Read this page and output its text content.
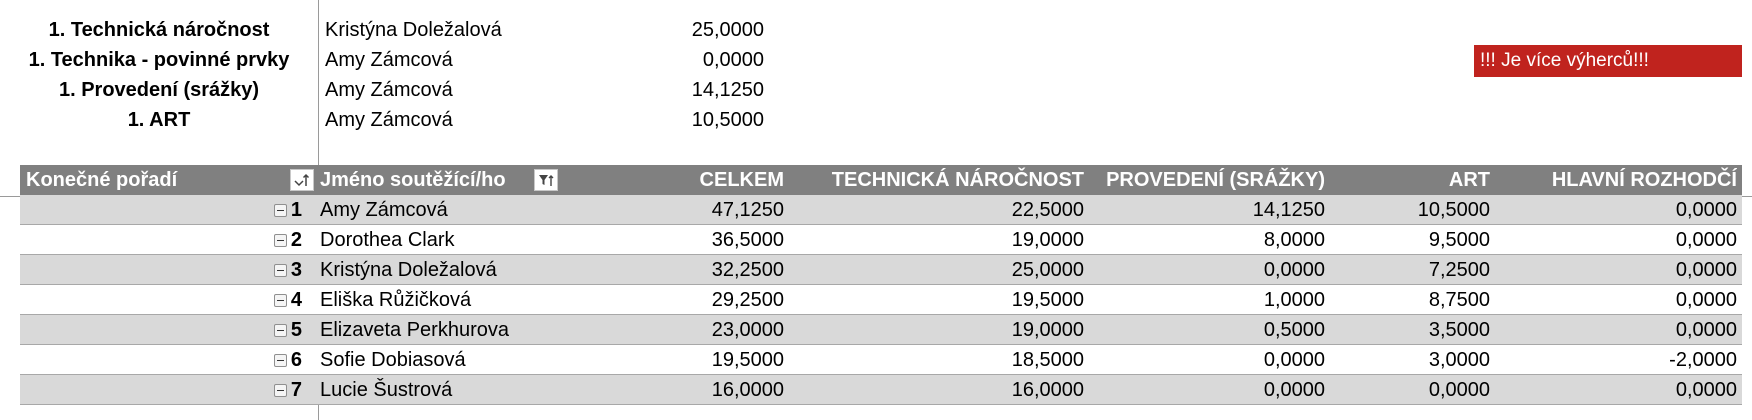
1. Technická náročnost	Kristýna Doležalová	25,0000
1. Technika - povinné prvky	Amy Zámcová	0,0000
1. Provedení (srážky)	Amy Zámcová	14,1250
1. ART	Amy Zámcová	10,5000
!!! Je více výherců!!!
Konečné pořadí	Jméno soutěžící/ho	CELKEM	TECHNICKÁ NÁROČNOST	PROVEDENÍ (SRÁŽKY)	ART	HLAVNÍ ROZHODČÍ
1 Amy Zámcová	47,1250	22,5000	14,1250	10,5000	0,0000
2 Dorothea Clark	36,5000	19,0000	8,0000	9,5000	0,0000
3 Kristýna Doležalová	32,2500	25,0000	0,0000	7,2500	0,0000
4 Eliška Růžičková	29,2500	19,5000	1,0000	8,7500	0,0000
5 Elizaveta Perkhurova	23,0000	19,0000	0,5000	3,5000	0,0000
6 Sofie Dobiasová	19,5000	18,5000	0,0000	3,0000	-2,0000
7 Lucie Šustrová	16,0000	16,0000	0,0000	0,0000	0,0000
